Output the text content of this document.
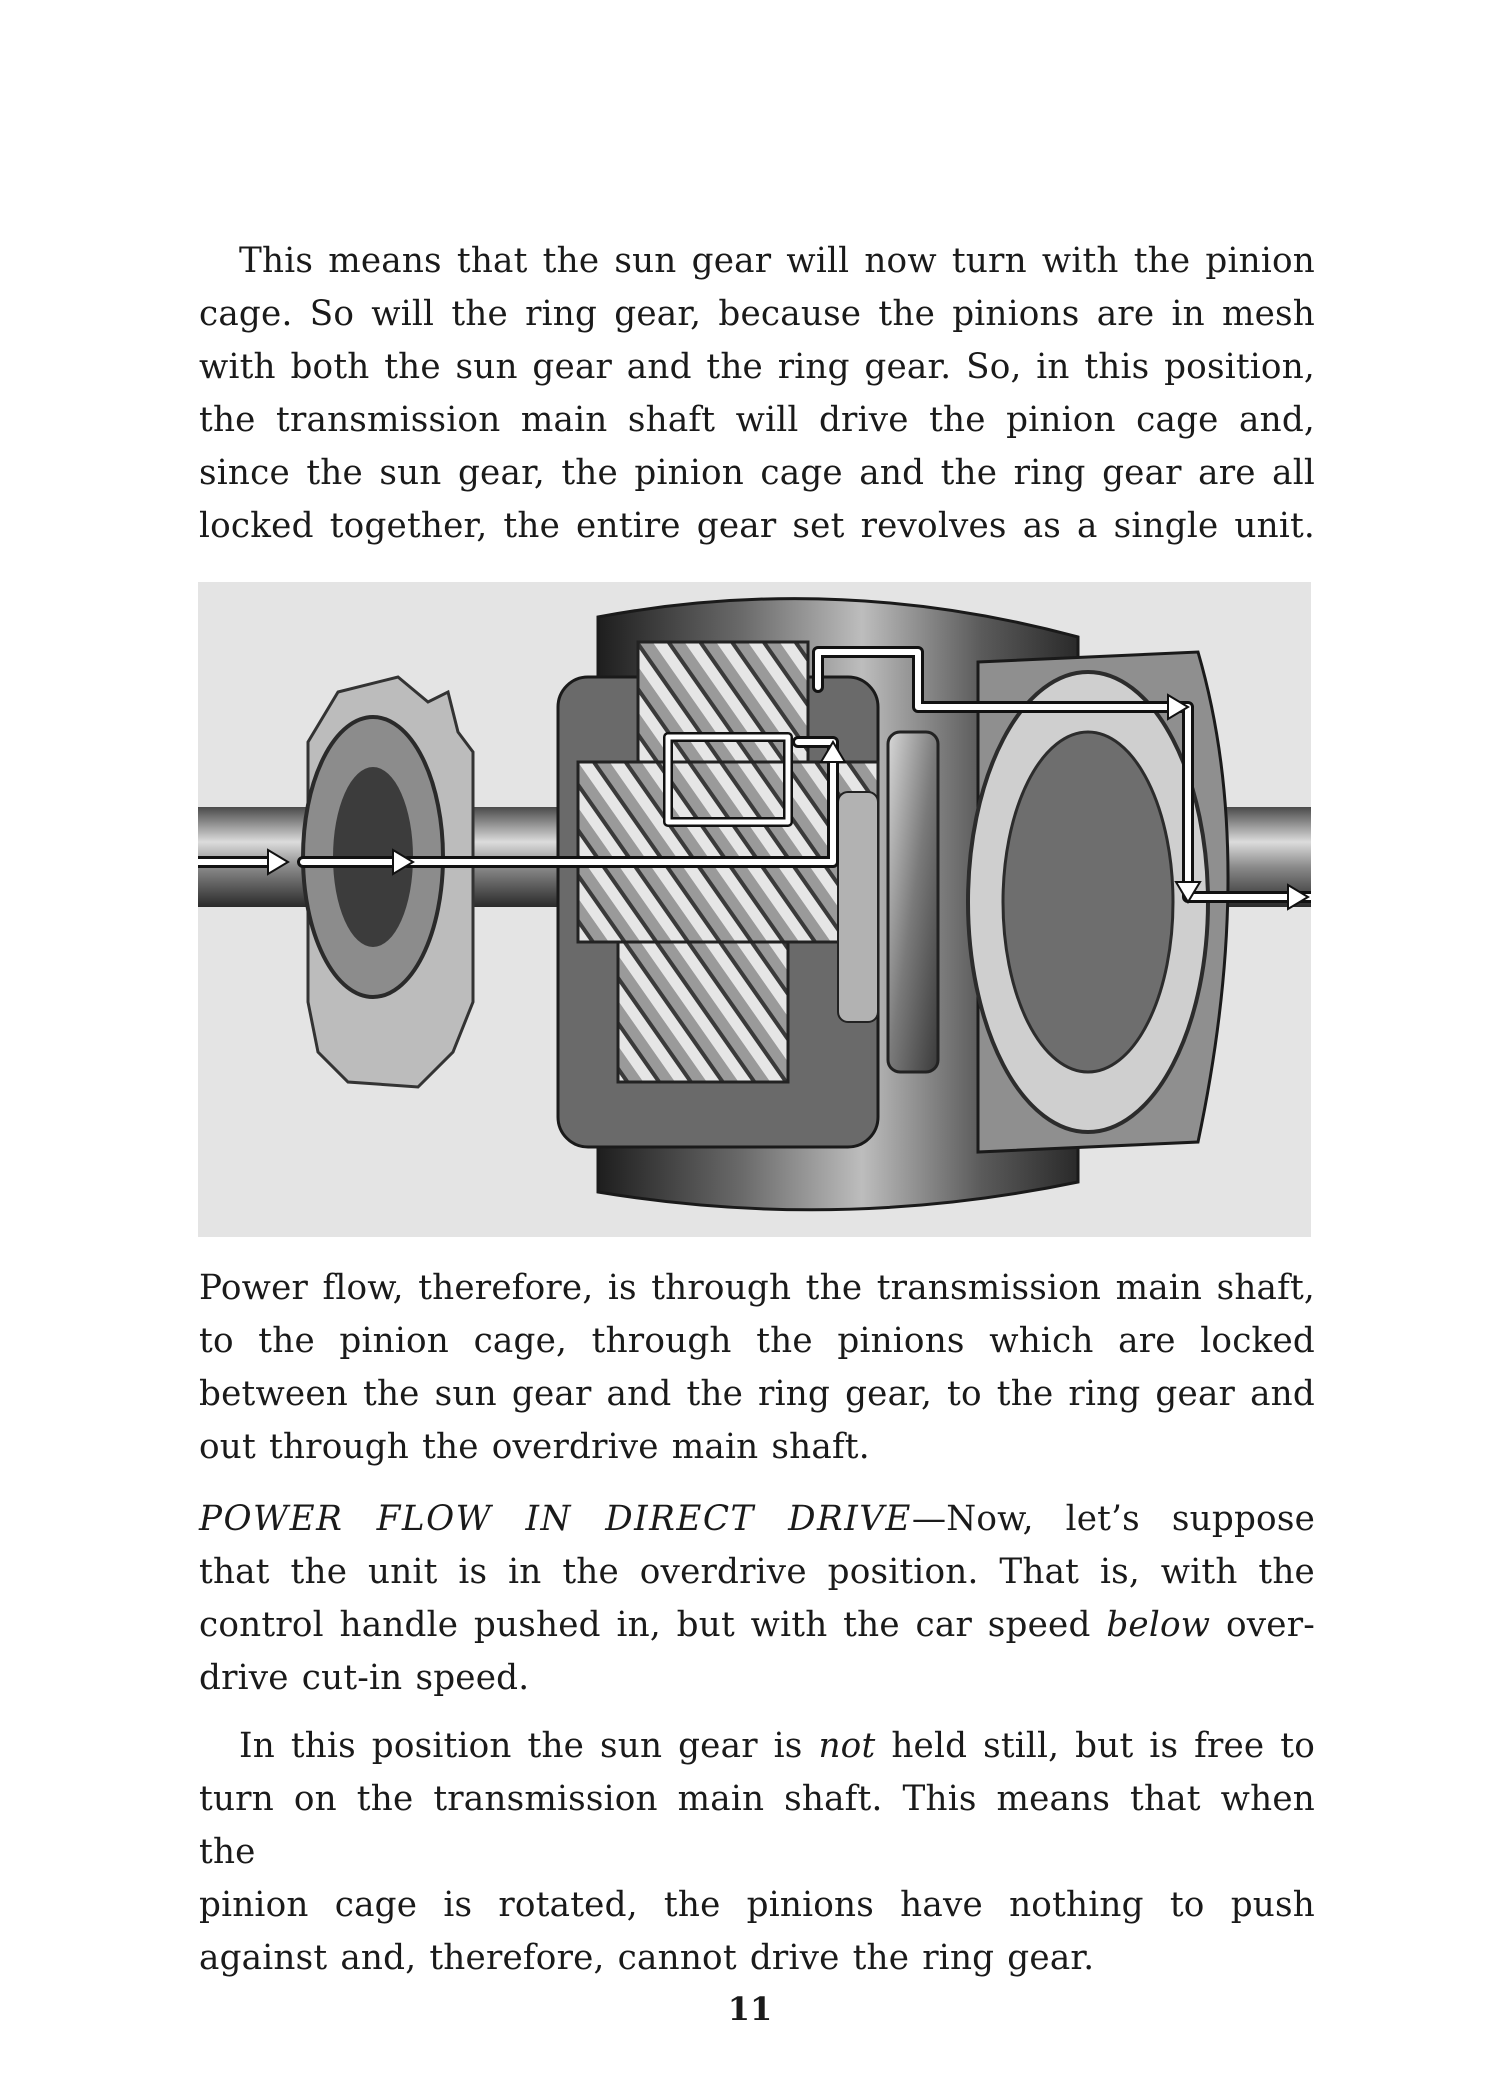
This means that the sun gear will now turn with the pinion
cage. So will the ring gear, because the pinions are in mesh
with both the sun gear and the ring gear. So, in this position,
the transmission main shaft will drive the pinion cage and,
since the sun gear, the pinion cage and the ring gear are all
locked together, the entire gear set revolves as a single unit.
Power flow, therefore, is through the transmission main shaft,
to the pinion cage, through the pinions which are locked
between the sun gear and the ring gear, to the ring gear and
out through the overdrive main shaft.
POWER FLOW IN DIRECT DRIVE—Now, let’s suppose
that the unit is in the overdrive position. That is, with the
control handle pushed in, but with the car speed below over-
drive cut-in speed.
In this position the sun gear is not held still, but is free to
turn on the transmission main shaft. This means that when the
pinion cage is rotated, the pinions have nothing to push
against and, therefore, cannot drive the ring gear.
11
